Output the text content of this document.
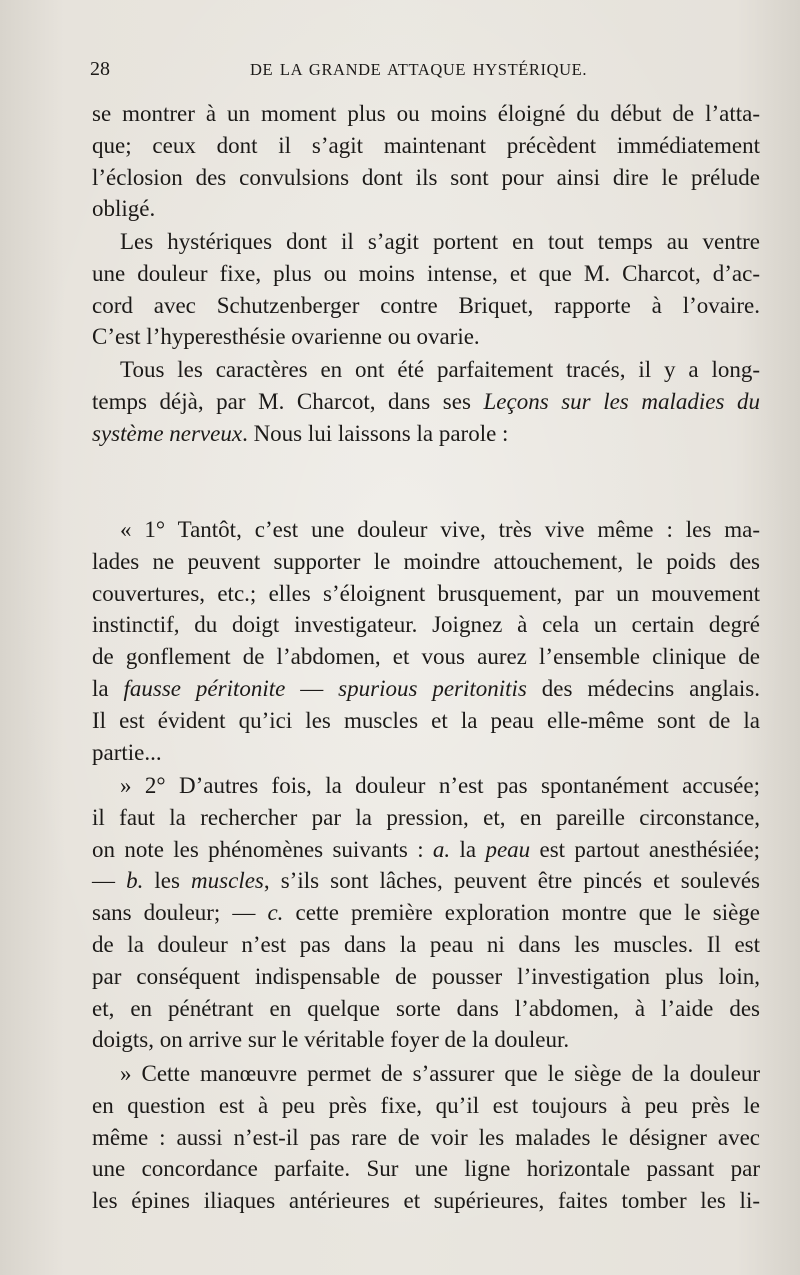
28	DE LA GRANDE ATTAQUE HYSTÉRIQUE.
se montrer à un moment plus ou moins éloigné du début de l’atta-
que; ceux dont il s’agit maintenant précèdent immédiatement
l’éclosion des convulsions dont ils sont pour ainsi dire le prélude
obligé.
Les hystériques dont il s’agit portent en tout temps au ventre
une douleur fixe, plus ou moins intense, et que M. Charcot, d’ac-
cord avec Schutzenberger contre Briquet, rapporte à l’ovaire.
C’est l’hyperesthésie ovarienne ou ovarie.
Tous les caractères en ont été parfaitement tracés, il y a long-
temps déjà, par M. Charcot, dans ses Leçons sur les maladies du
système nerveux. Nous lui laissons la parole :
« 1° Tantôt, c’est une douleur vive, très vive même : les ma-
lades ne peuvent supporter le moindre attouchement, le poids des
couvertures, etc.; elles s’éloignent brusquement, par un mouvement
instinctif, du doigt investigateur. Joignez à cela un certain degré
de gonflement de l’abdomen, et vous aurez l’ensemble clinique de
la fausse péritonite — spurious peritonitis des médecins anglais.
Il est évident qu’ici les muscles et la peau elle-même sont de la
partie...
» 2° D’autres fois, la douleur n’est pas spontanément accusée;
il faut la rechercher par la pression, et, en pareille circonstance,
on note les phénomènes suivants : a. la peau est partout anesthésiée;
— b. les muscles, s’ils sont lâches, peuvent être pincés et soulevés
sans douleur; — c. cette première exploration montre que le siège
de la douleur n’est pas dans la peau ni dans les muscles. Il est
par conséquent indispensable de pousser l’investigation plus loin,
et, en pénétrant en quelque sorte dans l’abdomen, à l’aide des
doigts, on arrive sur le véritable foyer de la douleur.
» Cette manœuvre permet de s’assurer que le siège de la douleur
en question est à peu près fixe, qu’il est toujours à peu près le
même : aussi n’est-il pas rare de voir les malades le désigner avec
une concordance parfaite. Sur une ligne horizontale passant par
les épines iliaques antérieures et supérieures, faites tomber les li-
